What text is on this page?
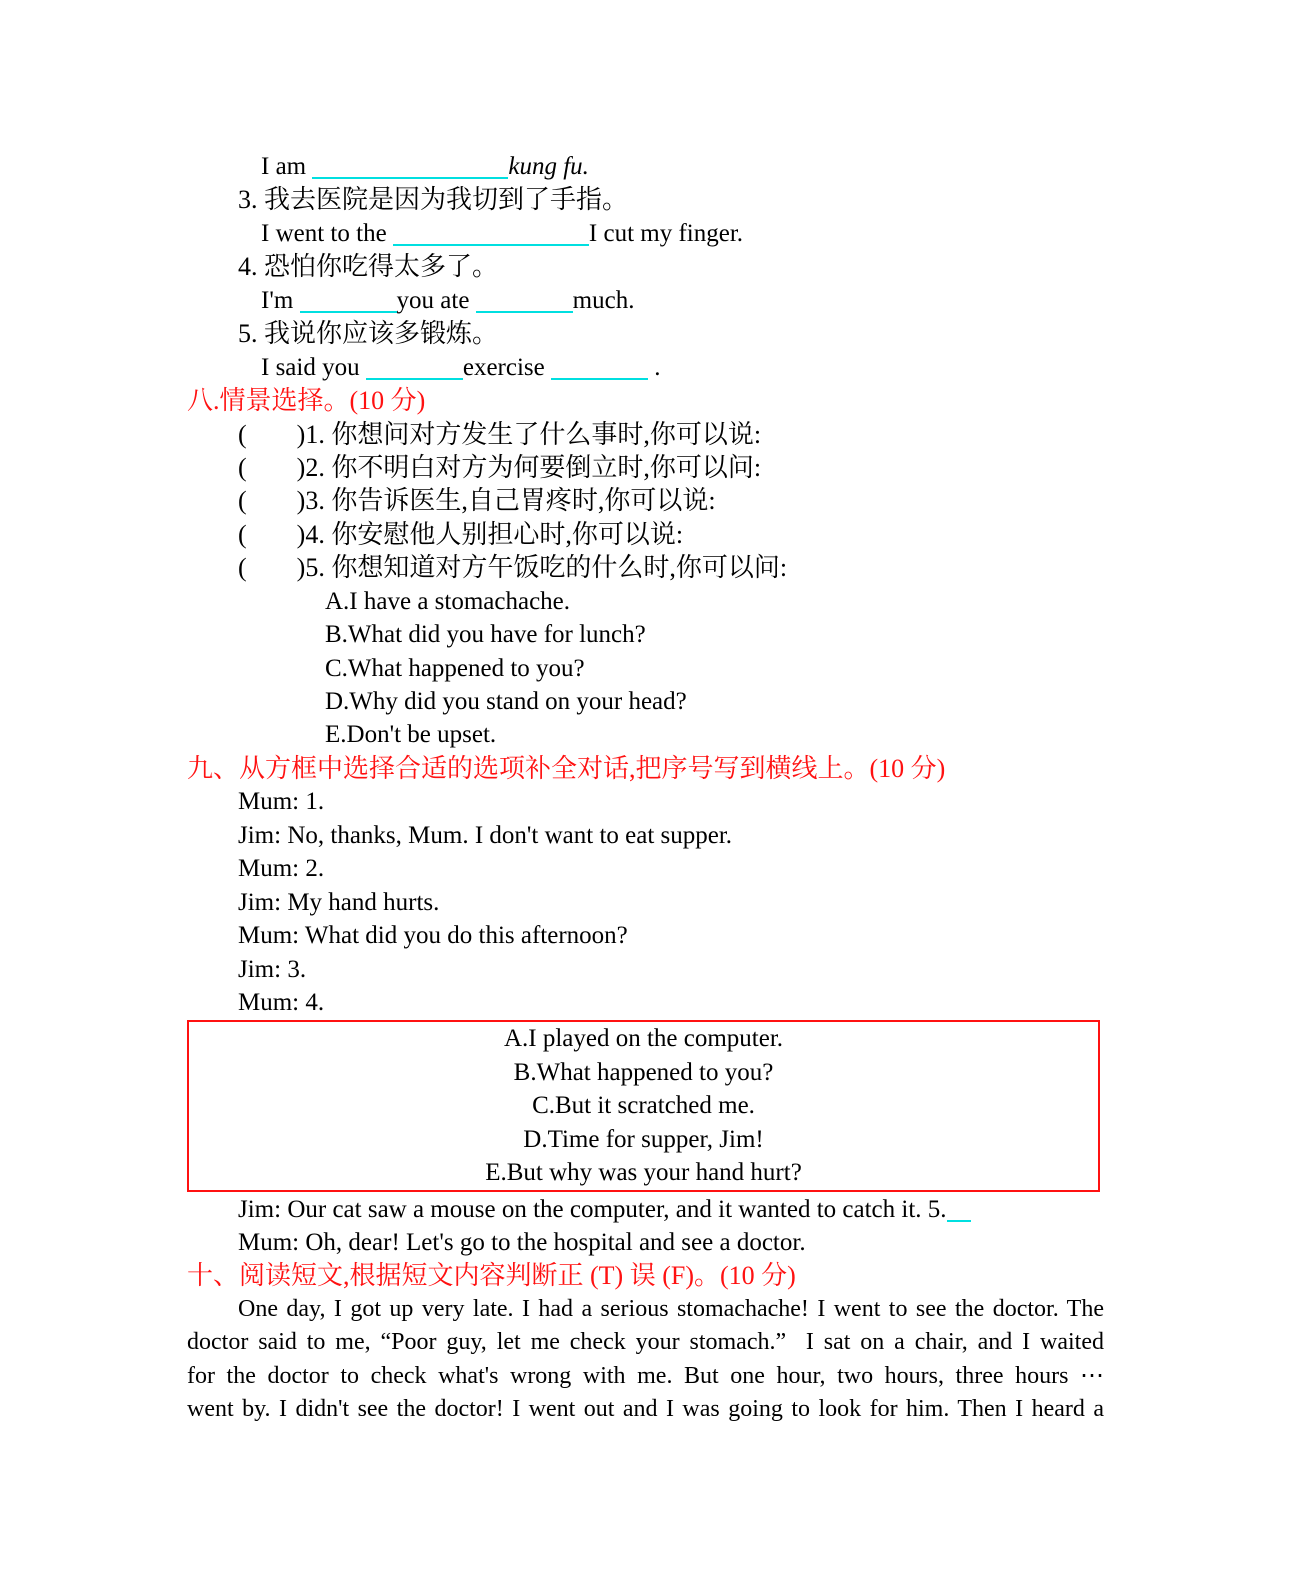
I am	kung fu.
3. 我去医院是因为我切到了手指。
I went to the	I cut my finger.
4. 恐怕你吃得太多了。
I'm	you ate	much.
5. 我说你应该多锻炼。
I said you	exercise	.
八.情景选择。(10 分)
( )1. 你想问对方发生了什么事时,你可以说:
( )2. 你不明白对方为何要倒立时,你可以问:
( )3. 你告诉医生,自己胃疼时,你可以说:
( )4. 你安慰他人别担心时,你可以说:
( )5. 你想知道对方午饭吃的什么时,你可以问:
A.I have a stomachache.
B.What did you have for lunch?
C.What happened to you?
D.Why did you stand on your head?
E.Don't be upset.
九、从方框中选择合适的选项补全对话,把序号写到横线上。(10 分)
Mum: 1.
Jim: No, thanks, Mum. I don't want to eat supper.
Mum: 2.
Jim: My hand hurts.
Mum: What did you do this afternoon?
Jim: 3.
Mum: 4.
A.I played on the computer.
B.What happened to you?
C.But it scratched me.
D.Time for supper, Jim!
E.But why was your hand hurt?
Jim: Our cat saw a mouse on the computer, and it wanted to catch it. 5.
Mum: Oh, dear! Let's go to the hospital and see a doctor.
十、阅读短文,根据短文内容判断正 (T) 误 (F)。(10 分)
One day, I got up very late. I had a serious stomachache! I went to see the doctor. The
doctor said to me, “Poor guy, let me check your stomach.”  I sat on a chair, and I waited
for the doctor to check what's wrong with me. But one hour, two hours, three hours ⋯
went by. I didn't see the doctor! I went out and I was going to look for him. Then I heard a
